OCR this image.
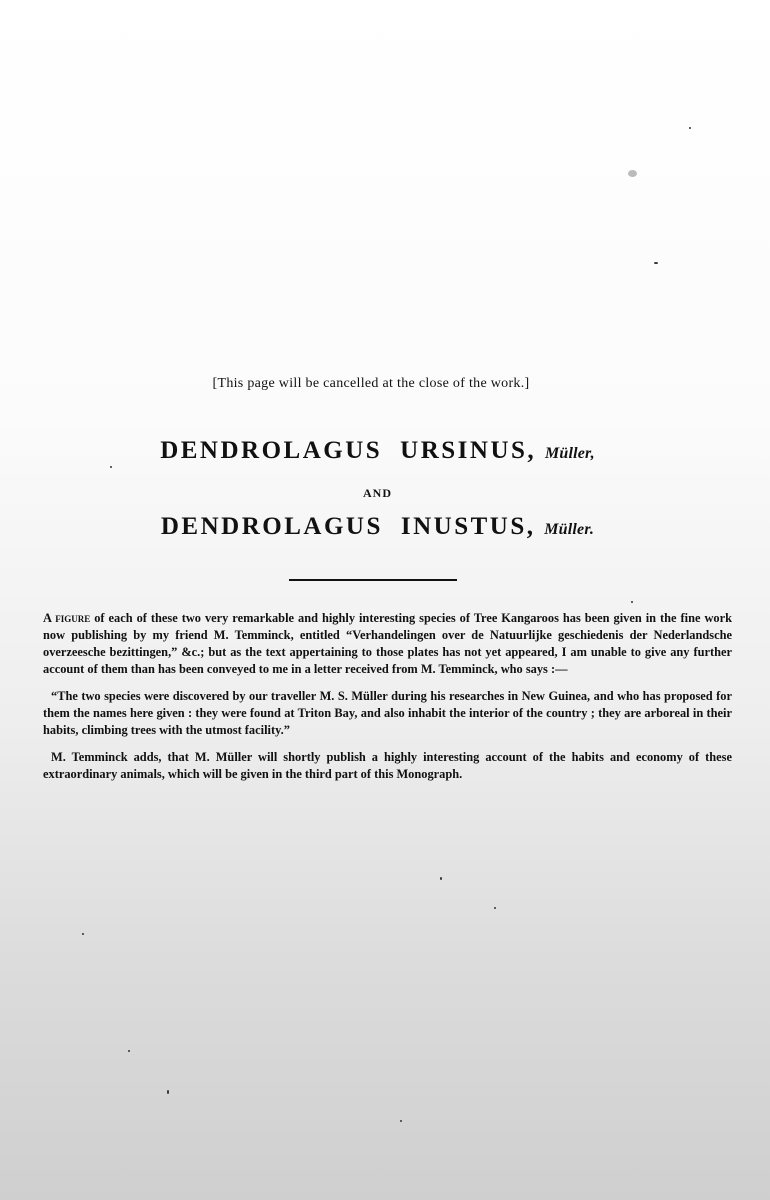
[This page will be cancelled at the close of the work.]
DENDROLAGUS URSINUS, Müller,
AND
DENDROLAGUS INUSTUS, Müller.

A figure of each of these two very remarkable and highly interesting species of Tree Kangaroos has been given in the fine work now publishing by my friend M. Temminck, entitled “Verhandelingen over de Natuurlijke geschiedenis der Nederlandsche overzeesche bezittingen,” &c.; but as the text appertaining to those plates has not yet appeared, I am unable to give any further account of them than has been conveyed to me in a letter received from M. Temminck, who says :—

“The two species were discovered by our traveller M. S. Müller during his researches in New Guinea, and who has proposed for them the names here given : they were found at Triton Bay, and also inhabit the interior of the country ; they are arboreal in their habits, climbing trees with the utmost facility.”

M. Temminck adds, that M. Müller will shortly publish a highly interesting account of the habits and economy of these extraordinary animals, which will be given in the third part of this Monograph.
